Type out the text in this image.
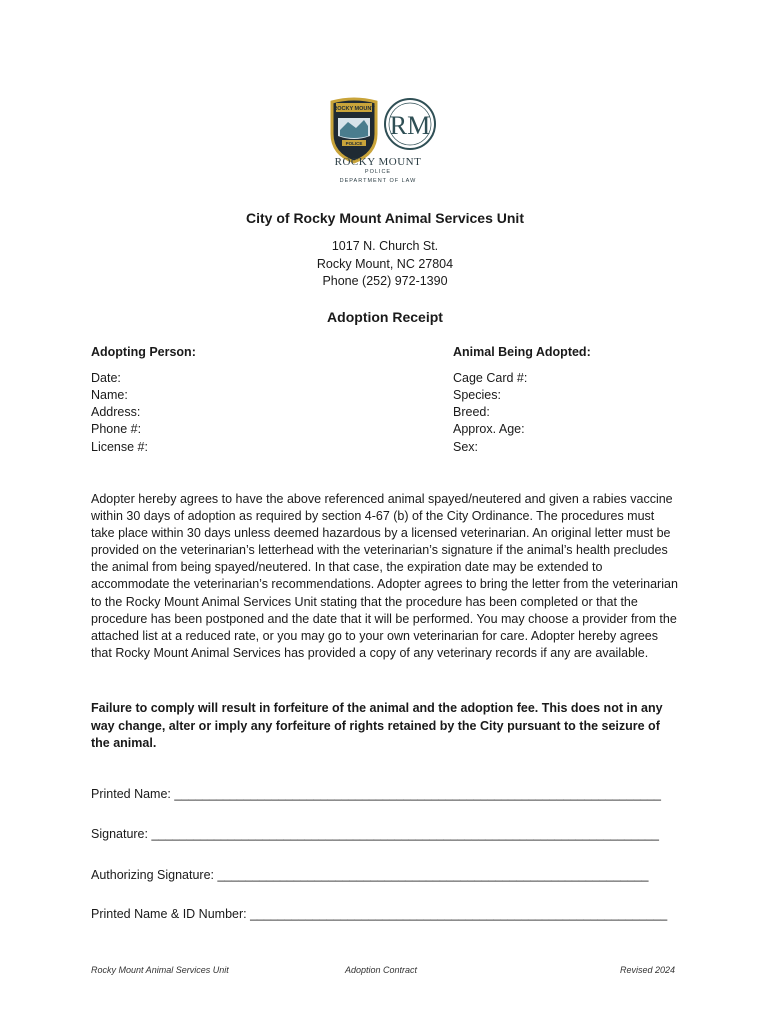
ROCKY MOUNT
POLICE
RM
ROCKY MOUNT
POLICE
DEPARTMENT OF LAW
City of Rocky Mount Animal Services Unit
1017 N. Church St.
Rocky Mount, NC 27804
Phone (252) 972-1390
Adoption Receipt
Adopting Person:
Date:
Name:
Address:
Phone #:
License #:
Animal Being Adopted:
Cage Card #:
Species:
Breed:
Approx. Age:
Sex:
Adopter hereby agrees to have the above referenced animal spayed/neutered and given a rabies vaccine within 30 days of adoption as required by section 4-67 (b) of the City Ordinance. The procedures must take place within 30 days unless deemed hazardous by a licensed veterinarian. An original letter must be provided on the veterinarian’s letterhead with the veterinarian’s signature if the animal’s health precludes the animal from being spayed/neutered. In that case, the expiration date may be extended to accommodate the veterinarian’s recommendations. Adopter agrees to bring the letter from the veterinarian to the Rocky Mount Animal Services Unit stating that the procedure has been completed or that the procedure has been postponed and the date that it will be performed. You may choose a provider from the attached list at a reduced rate, or you may go to your own veterinarian for care. Adopter hereby agrees that Rocky Mount Animal Services has provided a copy of any veterinary records if any are available.
Failure to comply will result in forfeiture of the animal and the adoption fee. This does not in any way change, alter or imply any forfeiture of rights retained by the City pursuant to the seizure of the animal.
Printed Name: ______________________________________________________________________
Signature: _________________________________________________________________________
Authorizing Signature: ______________________________________________________________
Printed Name & ID Number: ____________________________________________________________
Rocky Mount Animal Services Unit	Adoption Contract	Revised 2024
